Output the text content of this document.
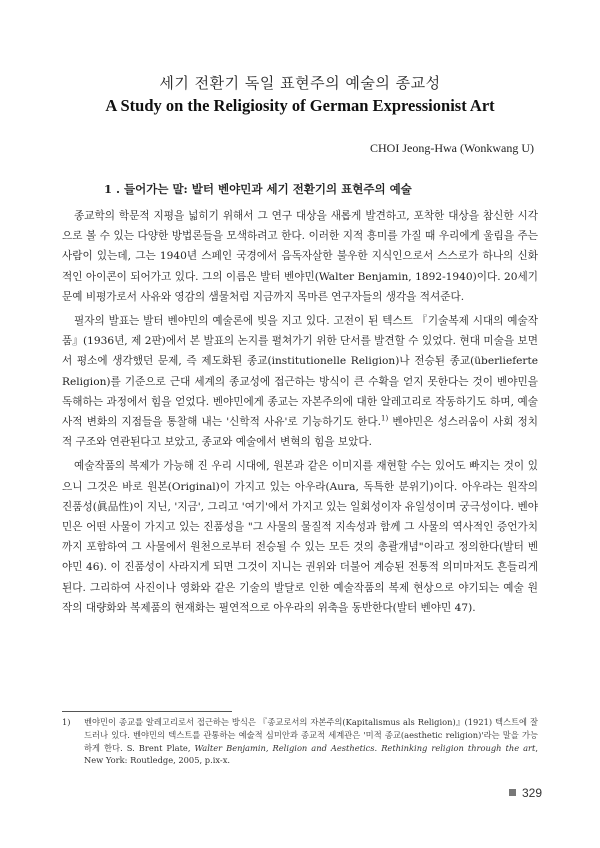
세기 전환기 독일 표현주의 예술의 종교성
A Study on the Religiosity of German Expressionist Art
CHOI Jeong-Hwa (Wonkwang U)
1 . 들어가는 말: 발터 벤야민과 세기 전환기의 표현주의 예술

종교학의 학문적 지평을 넓히기 위해서 그 연구 대상을 새롭게 발견하고, 포착한 대상을 참신한 시각으로 볼 수 있는 다양한 방법론들을 모색하려고 한다. 이러한 지적 흥미를 가질 때 우리에게 울림을 주는 사람이 있는데, 그는 1940년 스페인 국경에서 음독자살한 불우한 지식인으로서 스스로가 하나의 신화적인 아이콘이 되어가고 있다. 그의 이름은 발터 벤야민(Walter Benjamin, 1892-1940)이다. 20세기 문예 비평가로서 사유와 영감의 샘물처럼 지금까지 목마른 연구자들의 생각을 적셔준다.

필자의 발표는 발터 벤야민의 예술론에 빚을 지고 있다. 고전이 된 텍스트 『기술복제 시대의 예술작품』(1936년, 제 2판)에서 본 발표의 논지를 펼쳐가기 위한 단서를 발견할 수 있었다. 현대 미술을 보면서 평소에 생각했던 문제, 즉 제도화된 종교(institutionelle Religion)나 전승된 종교(überlieferte Religion)를 기준으로 근대 세계의 종교성에 접근하는 방식이 큰 수확을 얻지 못한다는 것이 벤야민을 독해하는 과정에서 힘을 얻었다. 벤야민에게 종교는 자본주의에 대한 알레고리로 작동하기도 하며, 예술사적 변화의 지점들을 통찰해 내는 '신학적 사유'로 기능하기도 한다.$^{1)}$ 벤야민은 성스러움이 사회 정치적 구조와 연관된다고 보았고, 종교와 예술에서 변혁의 힘을 보았다.

예술작품의 복제가 가능해 진 우리 시대에, 원본과 같은 이미지를 재현할 수는 있어도 빠지는 것이 있으니 그것은 바로 원본(Original)이 가지고 있는 아우라(Aura, 독특한 분위기)이다. 아우라는 원작의 진품성(眞品性)이 지닌, '지금', 그리고 '여기'에서 가지고 있는 일회성이자 유일성이며 궁극성이다. 벤야민은 어떤 사물이 가지고 있는 진품성을 "그 사물의 물질적 지속성과 함께 그 사물의 역사적인 증언가치까지 포함하여 그 사물에서 원천으로부터 전승될 수 있는 모든 것의 총괄개념"이라고 정의한다(발터 벤야민 46). 이 진품성이 사라지게 되면 그것이 지니는 권위와 더불어 계승된 전통적 의미마저도 흔들리게 된다. 그리하여 사진이나 영화와 같은 기술의 발달로 인한 예술작품의 복제 현상으로 야기되는 예술 원작의 대량화와 복제품의 현재화는 필연적으로 아우라의 위축을 동반한다(발터 벤야민 47).

1) 벤야민이 종교를 알레고리로서 접근하는 방식은 『종교로서의 자본주의(Kapitalismus als Religion)』(1921) 텍스트에 잘 드러나 있다. 벤야민의 텍스트를 관통하는 예술적 심미안과 종교적 세계관은 '미적 종교(aesthetic religion)'라는 말을 가능하게 한다. S. Brent Plate, Walter Benjamin, Religion and Aesthetics. Rethinking religion through the art, New York: Routledge, 2005, p.ix-x.
329
